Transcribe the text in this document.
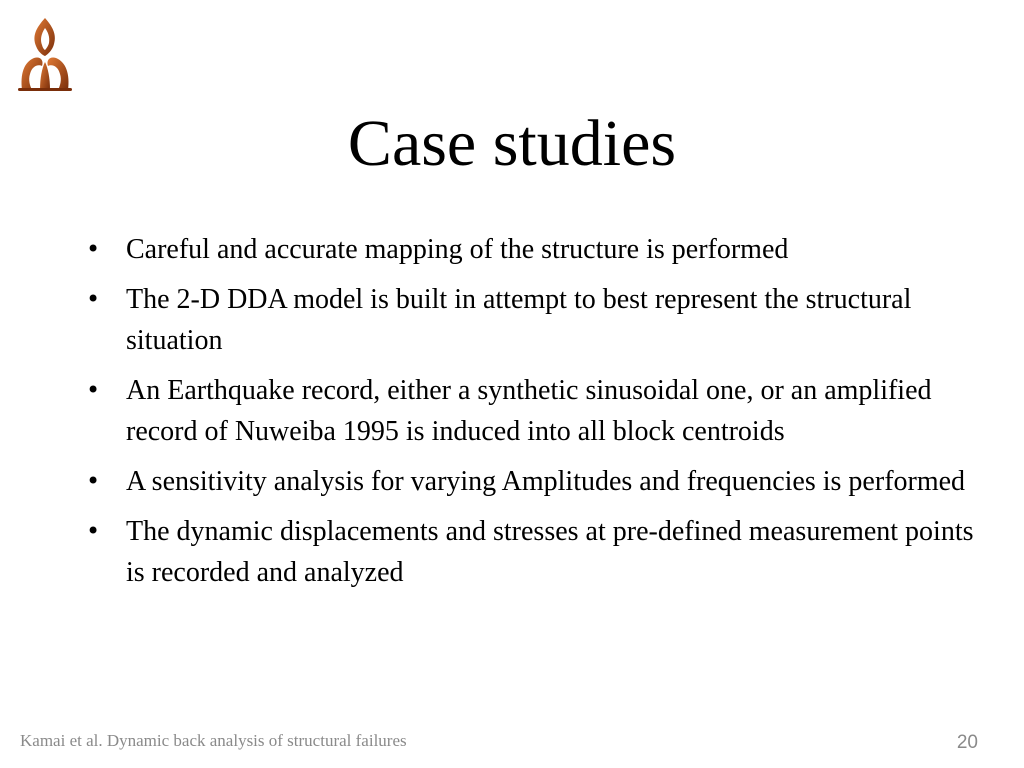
Case studies
• Careful and accurate mapping of the structure is performed
• The 2-D DDA model is built in attempt to best represent the structural situation
• An Earthquake record, either a synthetic sinusoidal one, or an amplified record of Nuweiba 1995 is induced into all block centroids
• A sensitivity analysis for varying Amplitudes and frequencies is performed
• The dynamic displacements and stresses at pre-defined measurement points is recorded and analyzed
Kamai et al. Dynamic back analysis of structural failures	20
